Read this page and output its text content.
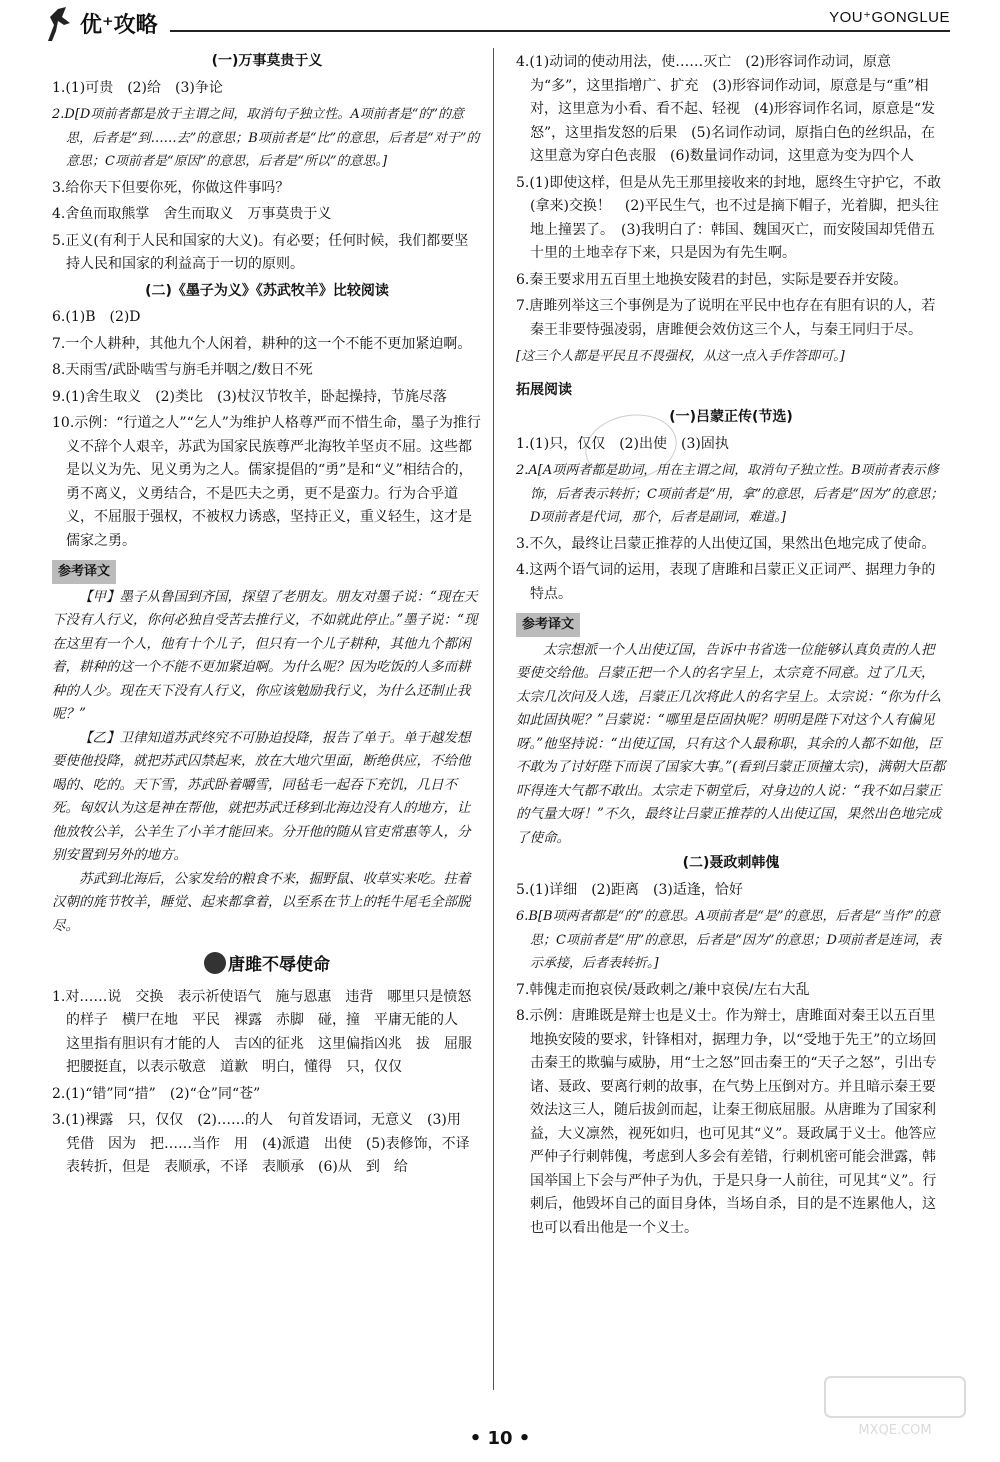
优⁺攻略	YOU⁺GONGLUE
(一)万事莫贵于义
1.(1)可贵　(2)给　(3)争论
2.D[D项前者都是放于主谓之间，取消句子独立性。A项前者是“的”的意思，后者是“到……去”的意思；B项前者是“比”的意思，后者是“对于”的意思；C项前者是“原因”的意思，后者是“所以”的意思。]
3.给你天下但要你死，你做这件事吗？
4.舍鱼而取熊掌　舍生而取义　万事莫贵于义
5.正义(有利于人民和国家的大义)。有必要；任何时候，我们都要坚持人民和国家的利益高于一切的原则。
(二)《墨子为义》《苏武牧羊》比较阅读
6.(1)B　(2)D
7.一个人耕种，其他九个人闲着，耕种的这一个不能不更加紧迫啊。
8.天雨雪/武卧啮雪与旃毛并咽之/数日不死
9.(1)舍生取义　(2)类比　(3)杖汉节牧羊，卧起操持，节旄尽落
10.示例：“行道之人”“乞人”为维护人格尊严而不惜生命，墨子为推行义不辞个人艰辛，苏武为国家民族尊严北海牧羊坚贞不屈。这些都是以义为先、见义勇为之人。儒家提倡的“勇”是和“义”相结合的，勇不离义，义勇结合，不是匹夫之勇，更不是蛮力。行为合乎道义，不屈服于强权，不被权力诱惑，坚持正义，重义轻生，这才是儒家之勇。
参考译文

【甲】墨子从鲁国到齐国，探望了老朋友。朋友对墨子说：“现在天下没有人行义，你何必独自受苦去推行义，不如就此停止。”墨子说：“现在这里有一个人，他有十个儿子，但只有一个儿子耕种，其他九个都闲着，耕种的这一个不能不更加紧迫啊。为什么呢？因为吃饭的人多而耕种的人少。现在天下没有人行义，你应该勉励我行义，为什么还制止我呢？”

【乙】卫律知道苏武终究不可胁迫投降，报告了单于。单于越发想要使他投降，就把苏武囚禁起来，放在大地穴里面，断绝供应，不给他喝的、吃的。天下雪，苏武卧着嚼雪，同毡毛一起吞下充饥，几日不死。匈奴认为这是神在帮他，就把苏武迁移到北海边没有人的地方，让他放牧公羊，公羊生了小羊才能回来。分开他的随从官吏常惠等人，分别安置到另外的地方。

苏武到北海后，公家发给的粮食不来，掘野鼠、收草实来吃。拄着汉朝的旄节牧羊，睡觉、起来都拿着，以至系在节上的牦牛尾毛全部脱尽。

唐雎不辱使命
1.对……说　交换　表示祈使语气　施与恩惠　违背　哪里只是愤怒的样子　横尸在地　平民　裸露　赤脚　碰，撞　平庸无能的人　这里指有胆识有才能的人　吉凶的征兆　这里偏指凶兆　拔　屈服　把腰挺直，以表示敬意　道歉　明白，懂得　只，仅仅
2.(1)“错”同“措”　(2)“仓”同“苍”
3.(1)裸露　只，仅仅　(2)……的人　句首发语词，无意义　(3)用　凭借　因为　把……当作　用　(4)派遣　出使　(5)表修饰，不译　表转折，但是　表顺承，不译　表顺承　(6)从　到　给
4.(1)动词的使动用法，使……灭亡　(2)形容词作动词，原意为“多”，这里指增广、扩充　(3)形容词作动词，原意是与“重”相对，这里意为小看、看不起、轻视　(4)形容词作名词，原意是“发怒”，这里指发怒的后果　(5)名词作动词，原指白色的丝织品，在这里意为穿白色丧服　(6)数量词作动词，这里意为变为四个人
5.(1)即使这样，但是从先王那里接收来的封地，愿终生守护它，不敢(拿来)交换！　(2)平民生气，也不过是摘下帽子，光着脚，把头往地上撞罢了。　(3)我明白了：韩国、魏国灭亡，而安陵国却凭借五十里的土地幸存下来，只是因为有先生啊。
6.秦王要求用五百里土地换安陵君的封邑，实际是要吞并安陵。
7.唐雎列举这三个事例是为了说明在平民中也存在有胆有识的人，若秦王非要恃强凌弱，唐雎便会效仿这三个人，与秦王同归于尽。
[这三个人都是平民且不畏强权，从这一点入手作答即可。]
拓展阅读
(一)吕蒙正传(节选)
1.(1)只，仅仅　(2)出使　(3)固执
2.A[A项两者都是助词，用在主谓之间，取消句子独立性。B项前者表示修饰，后者表示转折；C项前者是“用，拿”的意思，后者是“因为”的意思；D项前者是代词，那个，后者是副词，难道。]
3.不久，最终让吕蒙正推荐的人出使辽国，果然出色地完成了使命。
4.这两个语气词的运用，表现了唐雎和吕蒙正义正词严、据理力争的特点。
参考译文

太宗想派一个人出使辽国，告诉中书省选一位能够认真负责的人把要使交给他。吕蒙正把一个人的名字呈上，太宗竟不同意。过了几天，太宗几次问及人选，吕蒙正几次将此人的名字呈上。太宗说：“你为什么如此固执呢？”吕蒙说：“哪里是臣固执呢？明明是陛下对这个人有偏见呀。”他坚持说：“出使辽国，只有这个人最称职，其余的人都不如他，臣不敢为了讨好陛下而误了国家大事。”(看到吕蒙正顶撞太宗)，满朝大臣都吓得连大气都不敢出。太宗走下朝堂后，对身边的人说：“我不如吕蒙正的气量大呀！”不久，最终让吕蒙正推荐的人出使辽国，果然出色地完成了使命。

(二)聂政刺韩傀
5.(1)详细　(2)距离　(3)适逢，恰好
6.B[B项两者都是“的”的意思。A项前者是“是”的意思，后者是“当作”的意思；C项前者是“用”的意思，后者是“因为”的意思；D项前者是连词，表示承接，后者表转折。]
7.韩傀走而抱哀侯/聂政刺之/兼中哀侯/左右大乱
8.示例：唐雎既是辩士也是义士。作为辩士，唐雎面对秦王以五百里地换安陵的要求，针锋相对，据理力争，以“受地于先王”的立场回击秦王的欺骗与威胁，用“士之怒”回击秦王的“天子之怒”，引出专诸、聂政、要离行刺的故事，在气势上压倒对方。并且暗示秦王要效法这三人，随后拔剑而起，让秦王彻底屈服。从唐雎为了国家利益，大义凛然，视死如归，也可见其“义”。聂政属于义士。他答应严仲子行刺韩傀，考虑到人多会有差错，行刺机密可能会泄露，韩国举国上下会与严仲子为仇，于是只身一人前往，可见其“义”。行刺后，他毁坏自己的面目身体，当场自杀，目的是不连累他人，这也可以看出他是一个义士。
• 10 •	MXQE.COM
